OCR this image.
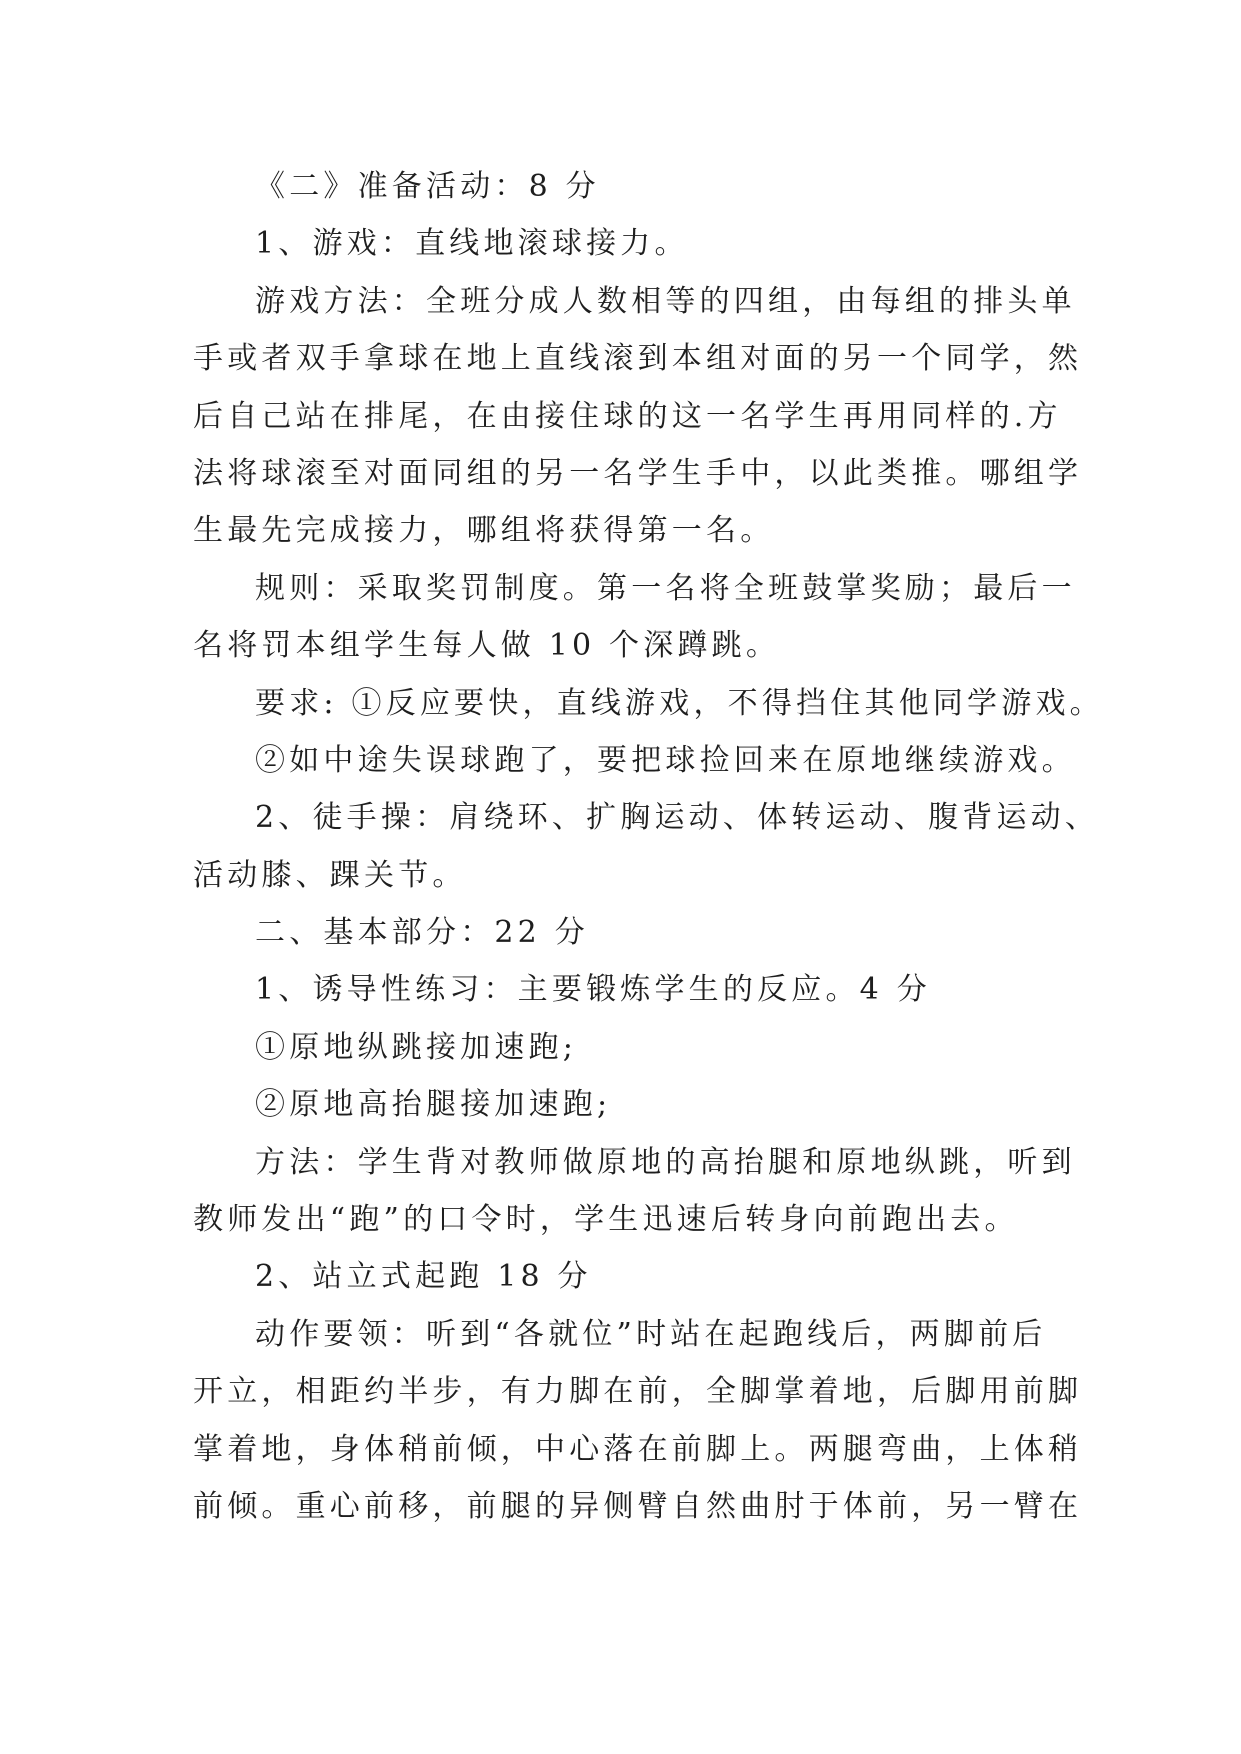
《二》准备活动：8 分

1、游戏：直线地滚球接力。

游戏方法：全班分成人数相等的四组，由每组的排头单

手或者双手拿球在地上直线滚到本组对面的另一个同学，然

后自己站在排尾，在由接住球的这一名学生再用同样的.方

法将球滚至对面同组的另一名学生手中，以此类推。哪组学

生最先完成接力，哪组将获得第一名。

规则：采取奖罚制度。第一名将全班鼓掌奖励；最后一

名将罚本组学生每人做 10 个深蹲跳。

要求: ①反应要快，直线游戏，不得挡住其他同学游戏。

②如中途失误球跑了，要把球捡回来在原地继续游戏。

2、徒手操：肩绕环、扩胸运动、体转运动、腹背运动、

活动膝、踝关节。

二、基本部分：22 分

1、诱导性练习：主要锻炼学生的反应。4 分

①原地纵跳接加速跑;

②原地高抬腿接加速跑;

方法：学生背对教师做原地的高抬腿和原地纵跳，听到

教师发出“跑”的口令时，学生迅速后转身向前跑出去。

2、站立式起跑 18 分

动作要领：听到“各就位”时站在起跑线后，两脚前后

开立，相距约半步，有力脚在前，全脚掌着地，后脚用前脚

掌着地，身体稍前倾，中心落在前脚上。两腿弯曲，上体稍

前倾。重心前移，前腿的异侧臂自然曲肘于体前，另一臂在
